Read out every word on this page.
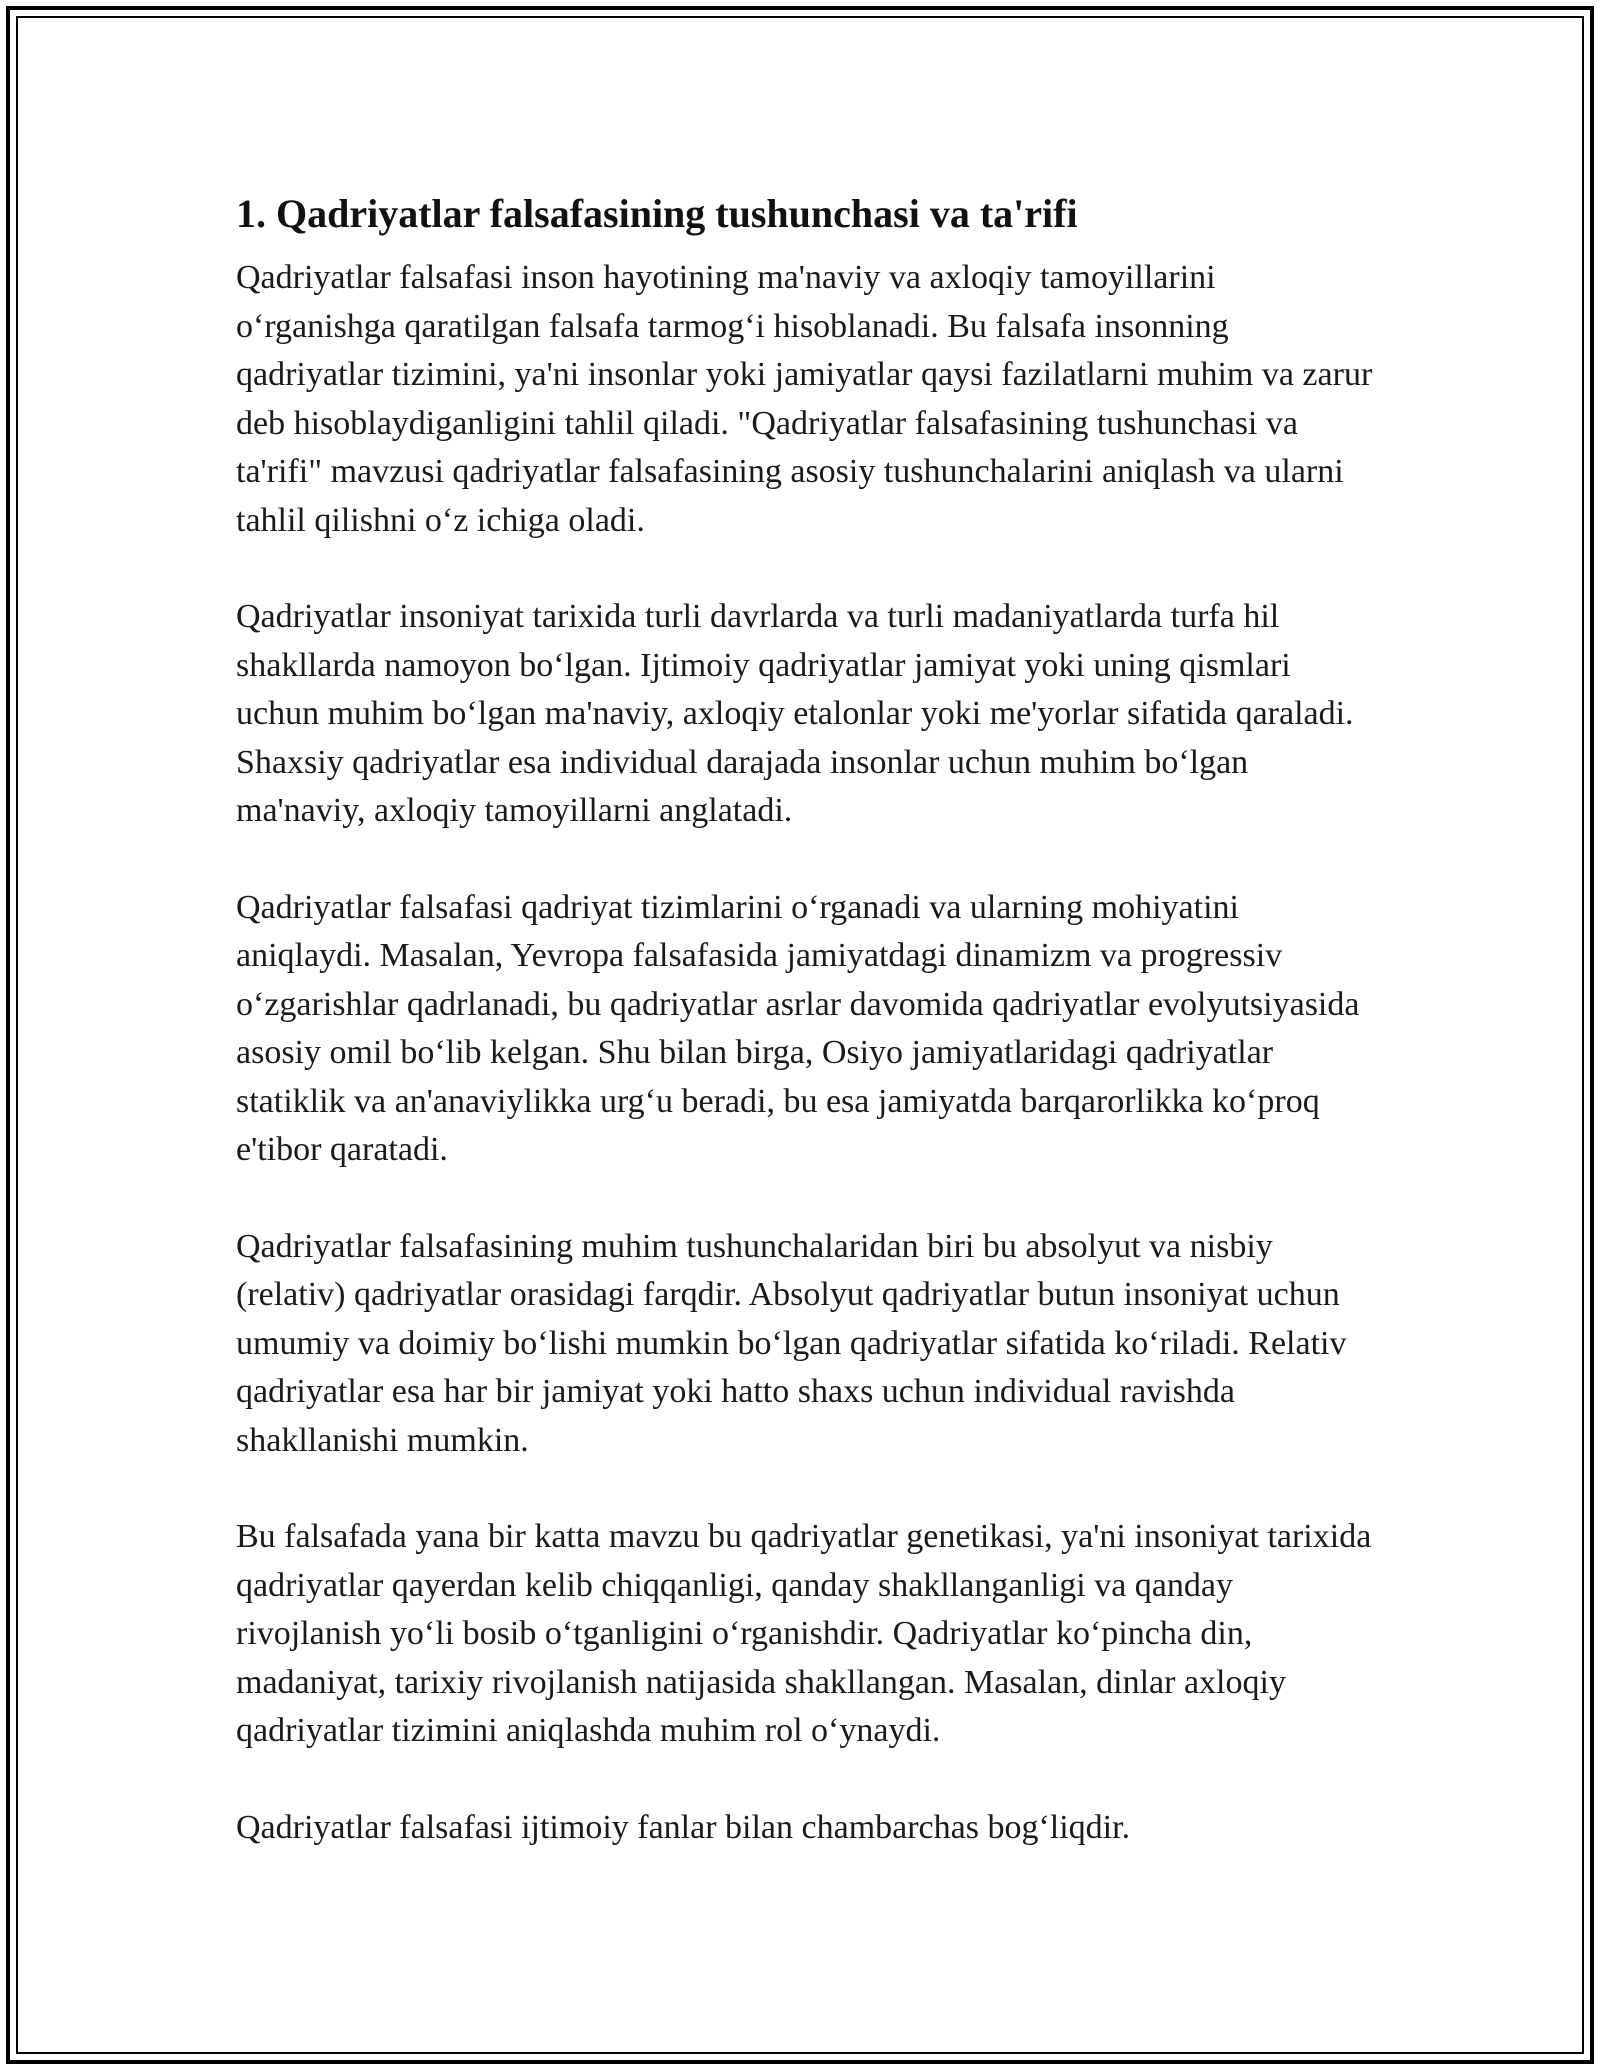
1. Qadriyatlar falsafasining tushunchasi va ta'rifi

Qadriyatlar falsafasi inson hayotining ma'naviy va axloqiy tamoyillarini o‘rganishga qaratilgan falsafa tarmog‘i hisoblanadi. Bu falsafa insonning qadriyatlar tizimini, ya'ni insonlar yoki jamiyatlar qaysi fazilatlarni muhim va zarur deb hisoblaydiganligini tahlil qiladi. "Qadriyatlar falsafasining tushunchasi va ta'rifi" mavzusi qadriyatlar falsafasining asosiy tushunchalarini aniqlash va ularni tahlil qilishni o‘z ichiga oladi.

Qadriyatlar insoniyat tarixida turli davrlarda va turli madaniyatlarda turfa hil shakllarda namoyon bo‘lgan. Ijtimoiy qadriyatlar jamiyat yoki uning qismlari uchun muhim bo‘lgan ma'naviy, axloqiy etalonlar yoki me'yorlar sifatida qaraladi. Shaxsiy qadriyatlar esa individual darajada insonlar uchun muhim bo‘lgan ma'naviy, axloqiy tamoyillarni anglatadi.

Qadriyatlar falsafasi qadriyat tizimlarini o‘rganadi va ularning mohiyatini aniqlaydi. Masalan, Yevropa falsafasida jamiyatdagi dinamizm va progressiv o‘zgarishlar qadrlanadi, bu qadriyatlar asrlar davomida qadriyatlar evolyutsiyasida asosiy omil bo‘lib kelgan. Shu bilan birga, Osiyo jamiyatlaridagi qadriyatlar statiklik va an'anaviylikka urg‘u beradi, bu esa jamiyatda barqarorlikka ko‘proq e'tibor qaratadi.

Qadriyatlar falsafasining muhim tushunchalaridan biri bu absolyut va nisbiy (relativ) qadriyatlar orasidagi farqdir. Absolyut qadriyatlar butun insoniyat uchun umumiy va doimiy bo‘lishi mumkin bo‘lgan qadriyatlar sifatida ko‘riladi. Relativ qadriyatlar esa har bir jamiyat yoki hatto shaxs uchun individual ravishda shakllanishi mumkin.

Bu falsafada yana bir katta mavzu bu qadriyatlar genetikasi, ya'ni insoniyat tarixida qadriyatlar qayerdan kelib chiqqanligi, qanday shakllanganligi va qanday rivojlanish yo‘li bosib o‘tganligini o‘rganishdir. Qadriyatlar ko‘pincha din, madaniyat, tarixiy rivojlanish natijasida shakllangan. Masalan, dinlar axloqiy qadriyatlar tizimini aniqlashda muhim rol o‘ynaydi.

Qadriyatlar falsafasi ijtimoiy fanlar bilan chambarchas bog‘liqdir.
